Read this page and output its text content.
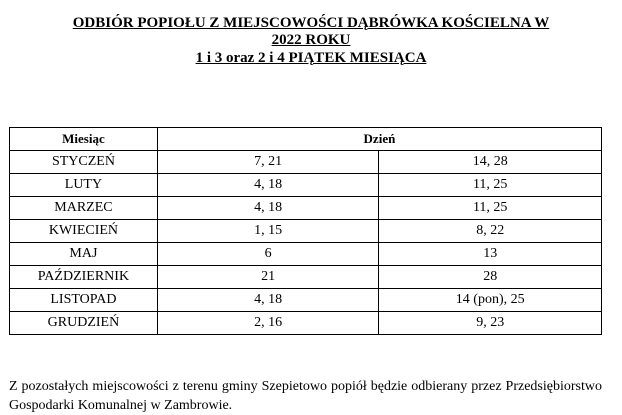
ODBIÓR POPIOŁU Z MIEJSCOWOŚCI DĄBRÓWKA KOŚCIELNA W
2022 ROKU
1 i 3 oraz 2 i 4 PIĄTEK MIESIĄCA
Miesiąc	Dzień	
STYCZEŃ	7, 21	14, 28
LUTY	4, 18	11, 25
MARZEC	4, 18	11, 25
KWIECIEŃ	1, 15	8, 22
MAJ	6	13
PAŹDZIERNIK	21	28
LISTOPAD	4, 18	14 (pon), 25
GRUDZIEŃ	2, 16	9, 23

Z pozostałych miejscowości z terenu gminy Szepietowo popiół będzie odbierany przez Przedsiębiorstwo Gospodarki Komunalnej w Zambrowie.
